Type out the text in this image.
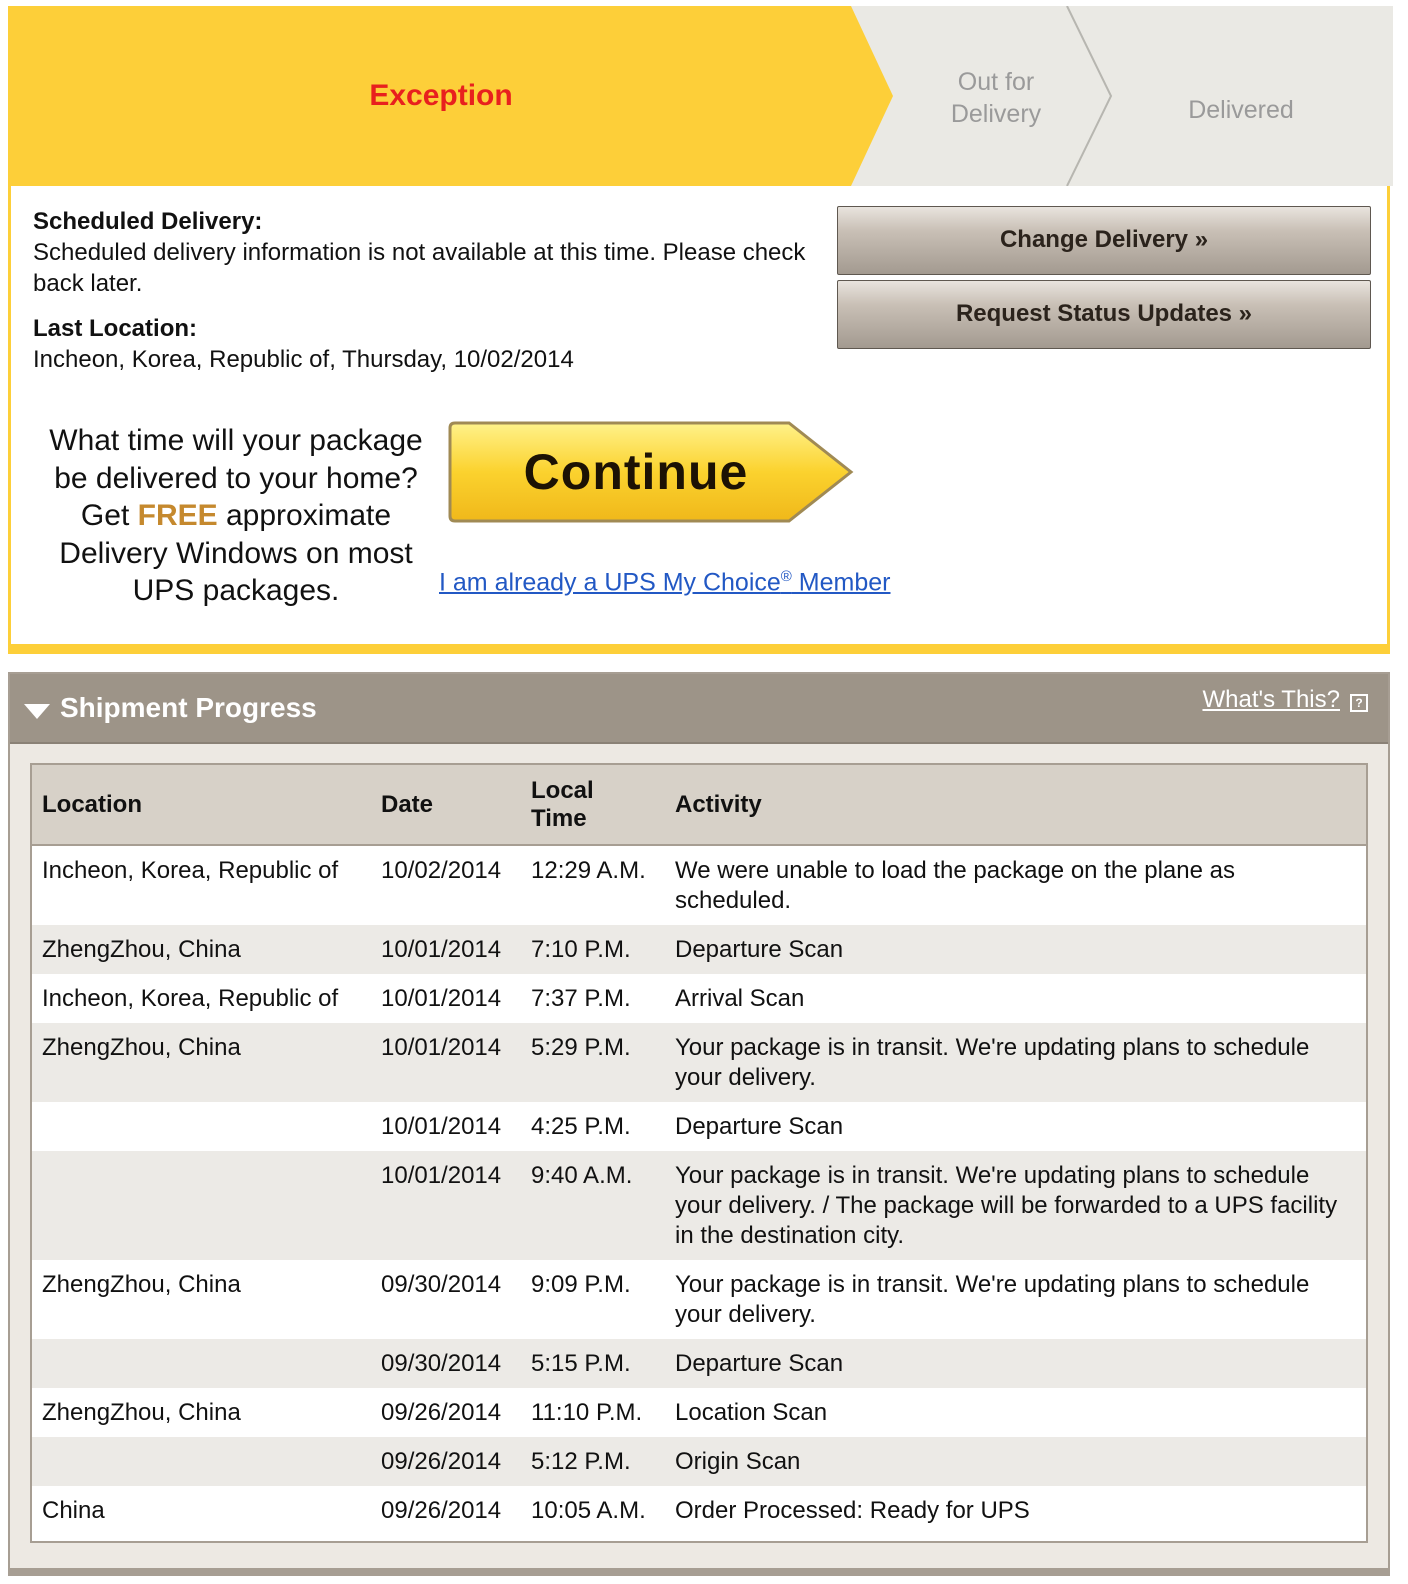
Exception	Out for
Delivery	Delivered
Scheduled Delivery:
Scheduled delivery information is not available at this time. Please check back later.
Last Location:
Incheon, Korea, Republic of, Thursday, 10/02/2014
Change Delivery »
Request Status Updates »
What time will your package be delivered to your home? Get FREE approximate Delivery Windows on most UPS packages.
Continue
I am already a UPS My Choice® Member
Shipment Progress	What's This?	?
Location	Date	Local Time	Activity
Incheon, Korea, Republic of	10/02/2014	12:29 A.M.	We were unable to load the package on the plane as scheduled.
ZhengZhou, China	10/01/2014	7:10 P.M.	Departure Scan
Incheon, Korea, Republic of	10/01/2014	7:37 P.M.	Arrival Scan
ZhengZhou, China	10/01/2014	5:29 P.M.	Your package is in transit. We're updating plans to schedule your delivery.
	10/01/2014	4:25 P.M.	Departure Scan
	10/01/2014	9:40 A.M.	Your package is in transit. We're updating plans to schedule your delivery. / The package will be forwarded to a UPS facility in the destination city.
ZhengZhou, China	09/30/2014	9:09 P.M.	Your package is in transit. We're updating plans to schedule your delivery.
	09/30/2014	5:15 P.M.	Departure Scan
ZhengZhou, China	09/26/2014	11:10 P.M.	Location Scan
	09/26/2014	5:12 P.M.	Origin Scan
China	09/26/2014	10:05 A.M.	Order Processed: Ready for UPS
